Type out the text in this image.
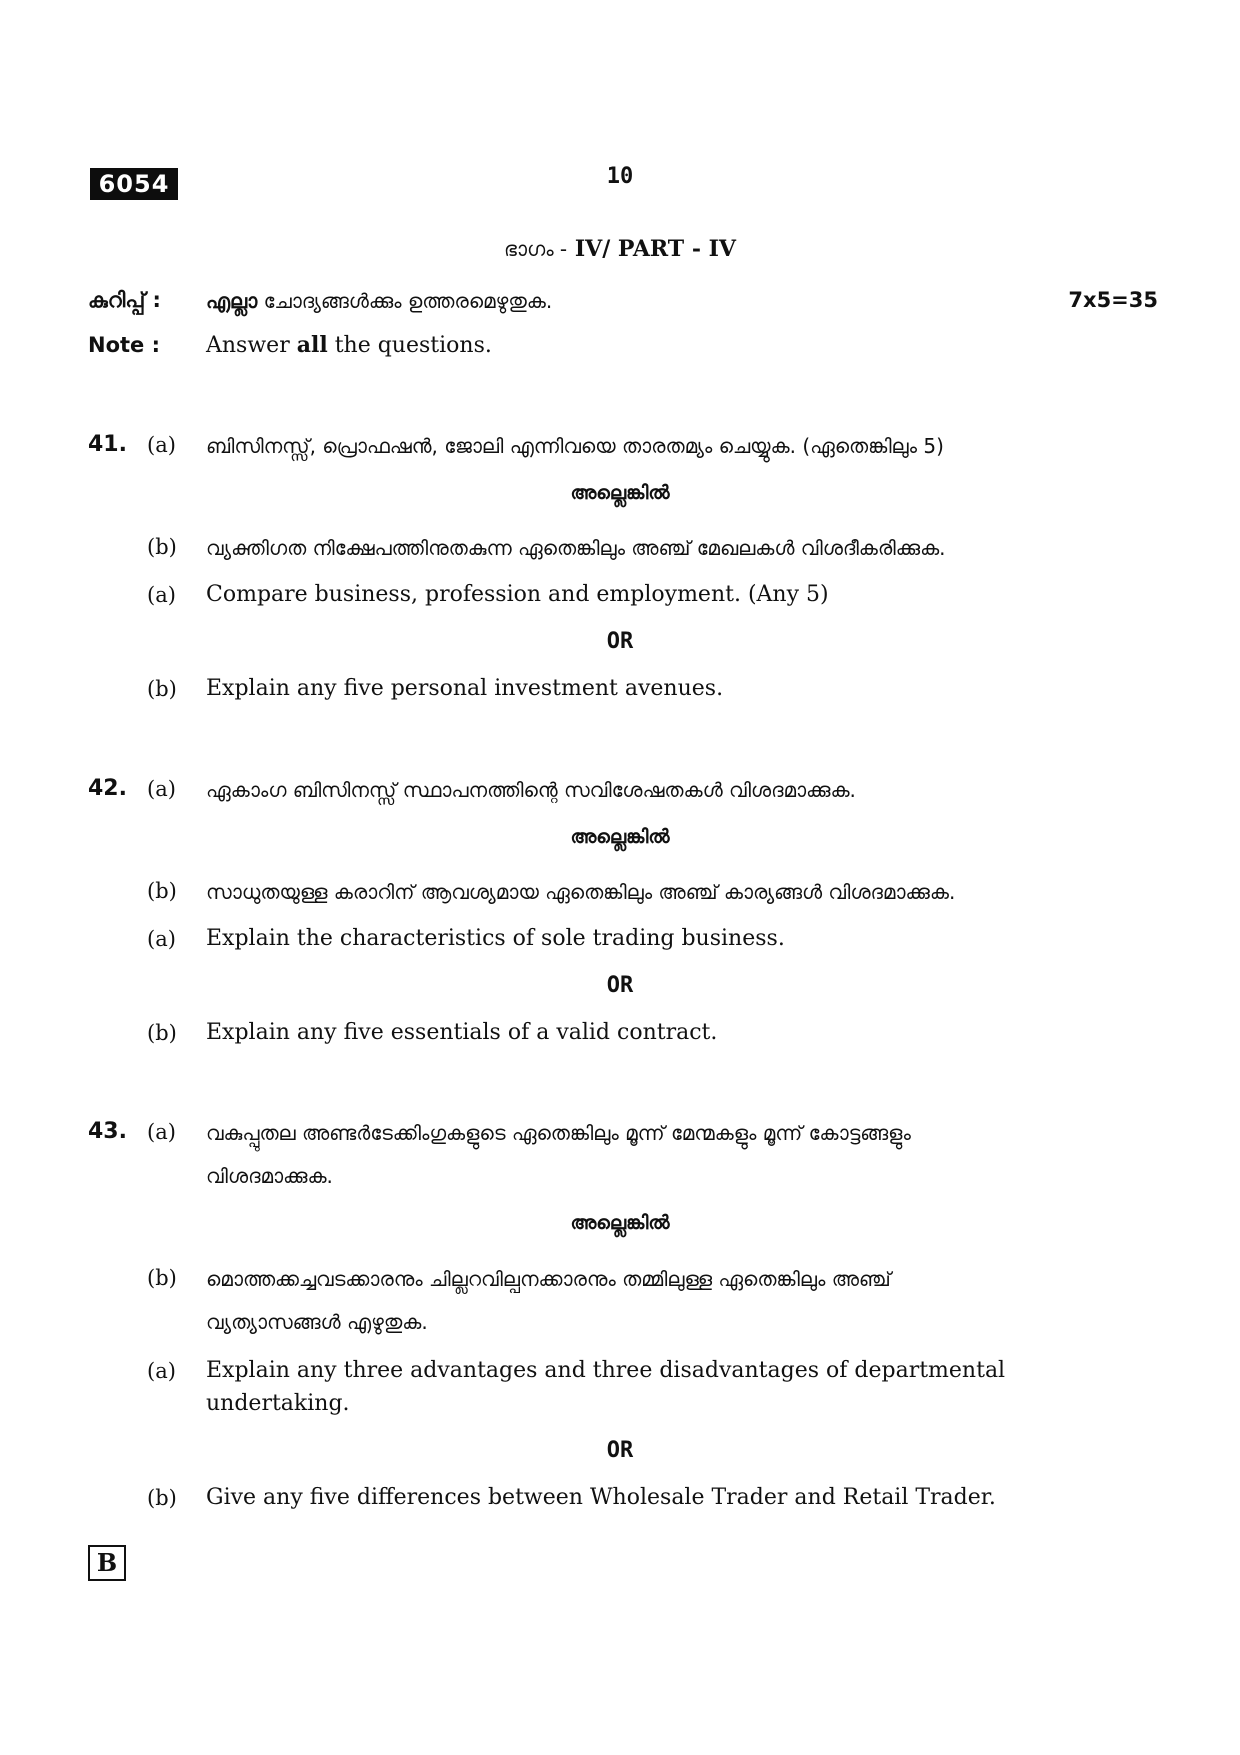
6054	10
ഭാഗം - IV/ PART - IV
കുറിപ്പ് : എല്ലാ ചോദ്യങ്ങൾക്കും ഉത്തരമെഴുതുക.	7x5=35
Note : Answer all the questions.
41. (a) ബിസിനസ്സ്, പ്രൊഫഷൻ, ജോലി എന്നിവയെ താരതമ്യം ചെയ്യുക. (ഏതെങ്കിലും 5)
അല്ലെങ്കിൽ
(b) വ്യക്തിഗത നിക്ഷേപത്തിനുതകുന്ന ഏതെങ്കിലും അഞ്ച് മേഖലകൾ വിശദീകരിക്കുക.
(a) Compare business, profession and employment. (Any 5)
OR
(b) Explain any five personal investment avenues.
42. (a) ഏകാംഗ ബിസിനസ്സ് സ്ഥാപനത്തിന്റെ സവിശേഷതകൾ വിശദമാക്കുക.
അല്ലെങ്കിൽ
(b) സാധുതയുള്ള കരാറിന് ആവശ്യമായ ഏതെങ്കിലും അഞ്ച് കാര്യങ്ങൾ വിശദമാക്കുക.
(a) Explain the characteristics of sole trading business.
OR
(b) Explain any five essentials of a valid contract.
43. (a) വകുപ്പുതല അണ്ടർടേക്കിംഗുകളുടെ ഏതെങ്കിലും മൂന്ന് മേന്മകളും മൂന്ന് കോട്ടങ്ങളും
വിശദമാക്കുക.
അല്ലെങ്കിൽ
(b) മൊത്തക്കച്ചവടക്കാരനും ചില്ലറവില്പനക്കാരനും തമ്മിലുള്ള ഏതെങ്കിലും അഞ്ച്
വ്യത്യാസങ്ങൾ എഴുതുക.
(a) Explain any three advantages and three disadvantages of departmental
undertaking.
OR
(b) Give any five differences between Wholesale Trader and Retail Trader.
B
